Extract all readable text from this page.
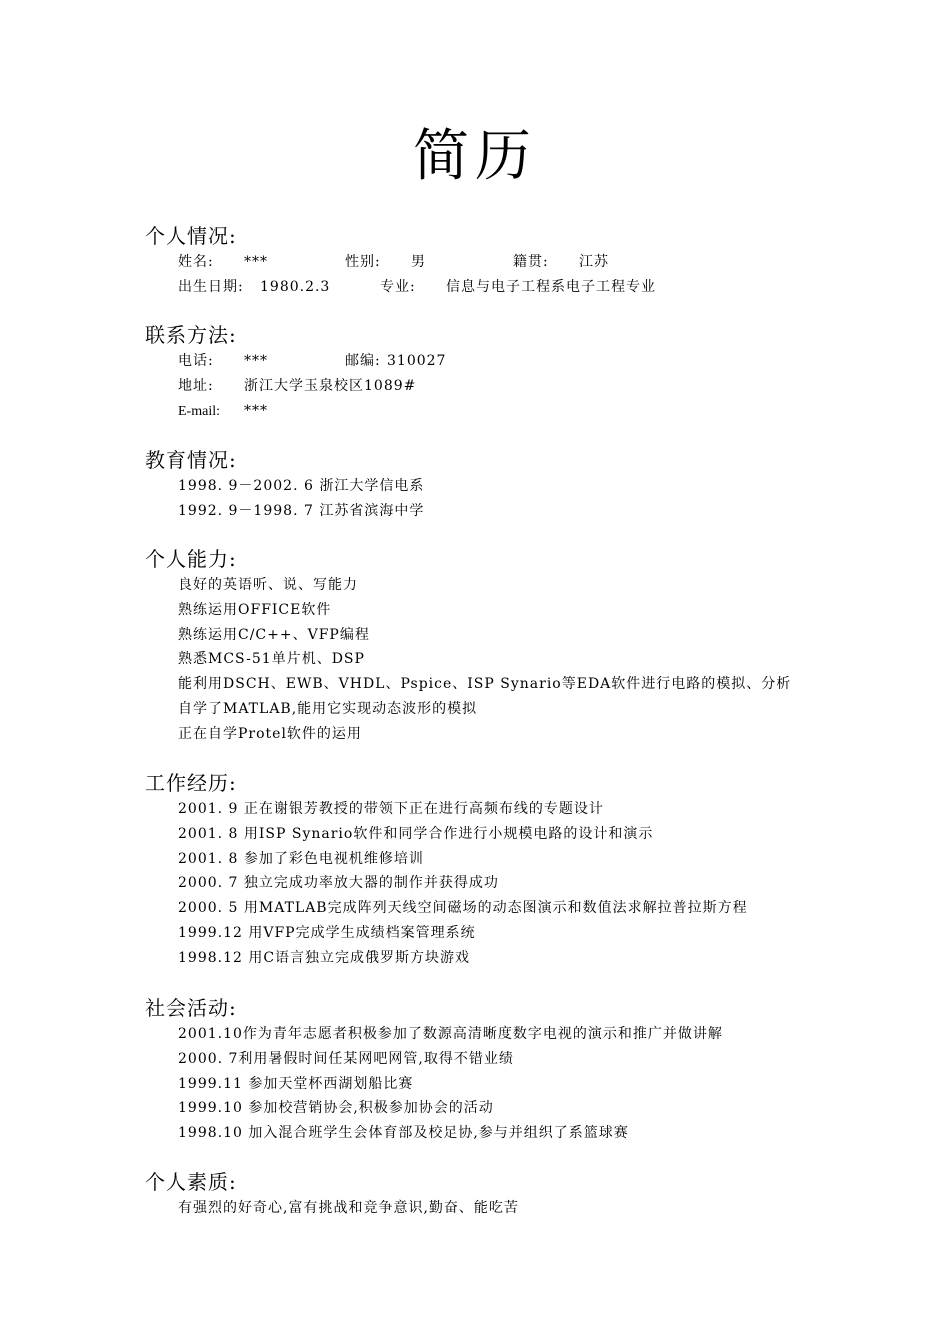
简历
个人情况:
姓名: ***	性别: 男	籍贯: 江苏
出生日期: 1980.2.3	专业: 信息与电子工程系电子工程专业
联系方法:
电话: ***	邮编: 310027
地址: 浙江大学玉泉校区1089#
E-mail: ***
教育情况:
1998. 9－2002. 6 浙江大学信电系
1992. 9－1998. 7 江苏省滨海中学
个人能力:
良好的英语听、说、写能力
熟练运用OFFICE软件
熟练运用C/C++、VFP编程
熟悉MCS-51单片机、DSP
能利用DSCH、EWB、VHDL、Pspice、ISP Synario等EDA软件进行电路的模拟、分析
自学了MATLAB,能用它实现动态波形的模拟
正在自学Protel软件的运用
工作经历:
2001. 9 正在谢银芳教授的带领下正在进行高频布线的专题设计
2001. 8 用ISP Synario软件和同学合作进行小规模电路的设计和演示
2001. 8 参加了彩色电视机维修培训
2000. 7 独立完成功率放大器的制作并获得成功
2000. 5 用MATLAB完成阵列天线空间磁场的动态图演示和数值法求解拉普拉斯方程
1999.12 用VFP完成学生成绩档案管理系统
1998.12 用C语言独立完成俄罗斯方块游戏
社会活动:
2001.10作为青年志愿者积极参加了数源高清晰度数字电视的演示和推广并做讲解
2000. 7利用暑假时间任某网吧网管,取得不错业绩
1999.11 参加天堂杯西湖划船比赛
1999.10 参加校营销协会,积极参加协会的活动
1998.10 加入混合班学生会体育部及校足协,参与并组织了系篮球赛
个人素质:
有强烈的好奇心,富有挑战和竞争意识,勤奋、能吃苦
